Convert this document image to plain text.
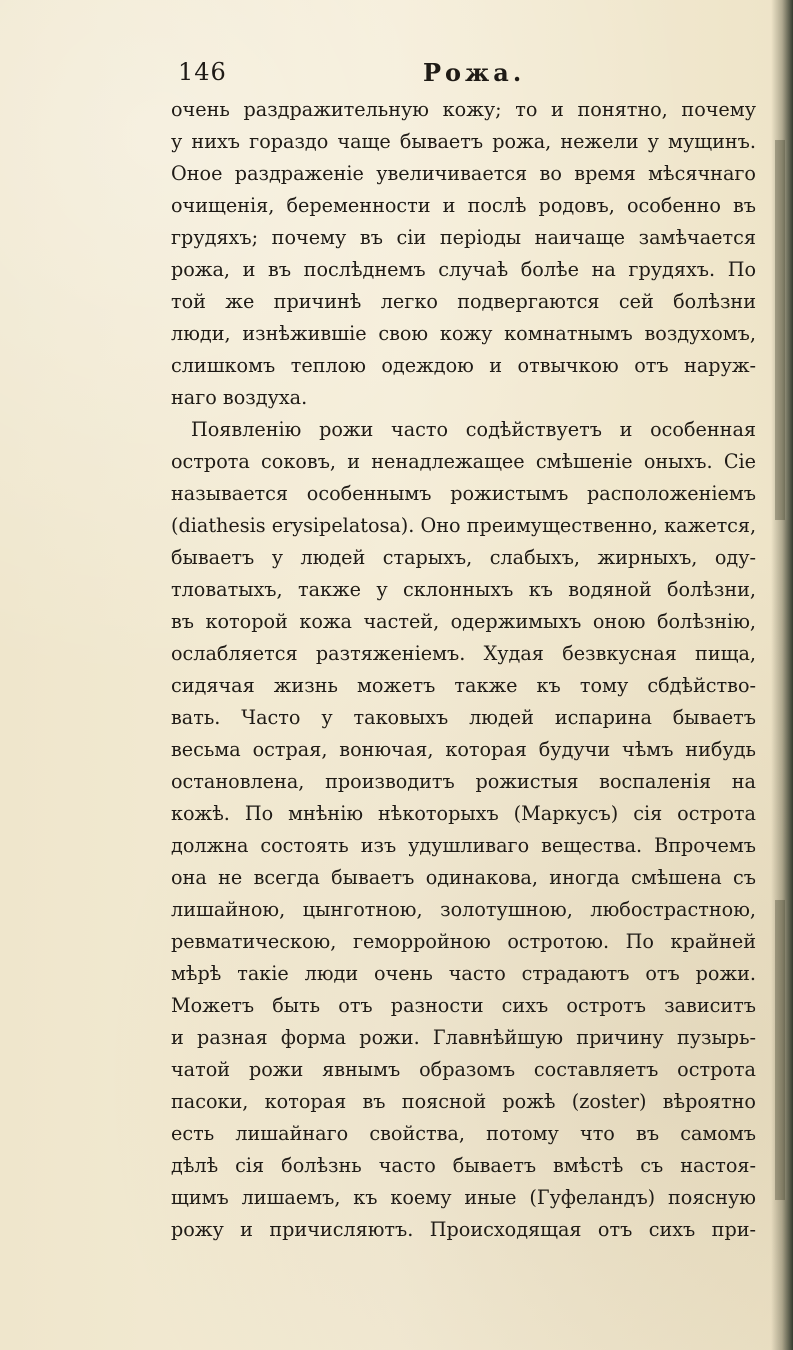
146	Рожа.
очень раздражительную кожу; то и понятно, почему
у нихъ гораздо чаще бываетъ рожа, нежели у мущинъ.
Оное раздраженіе увеличивается во время мѣсячнаго
очищенія, беременности и послѣ родовъ, особенно въ
грудяхъ; почему въ сіи періоды наичаще замѣчается
рожа, и въ послѣднемъ случаѣ болѣе на грудяхъ. По
той же причинѣ легко подвергаются сей болѣзни
люди, изнѣжившіе свою кожу комнатнымъ воздухомъ,
слишкомъ теплою одеждою и отвычкою отъ наруж-
наго воздуха.
Появленію рожи часто содѣйствуетъ и особенная
острота соковъ, и ненадлежащее смѣшеніе оныхъ. Сіе
называется особеннымъ рожистымъ расположеніемъ
(diathesis erysipelatosa). Оно преимущественно, кажется,
бываетъ у людей старыхъ, слабыхъ, жирныхъ, оду-
тловатыхъ, также у склонныхъ къ водяной болѣзни,
въ которой кожа частей, одержимыхъ оною болѣзнію,
ослабляется разтяженіемъ. Худая безвкусная пища,
сидячая жизнь можетъ также къ тому сбдѣйство-
вать. Часто у таковыхъ людей испарина бываетъ
весьма острая, вонючая, которая будучи чѣмъ нибудь
остановлена, производитъ рожистыя воспаленія на
кожѣ. По мнѣнію нѣкоторыхъ (Маркусъ) сія острота
должна состоять изъ удушливаго вещества. Впрочемъ
она не всегда бываетъ одинакова, иногда смѣшена съ
лишайною, цынготною, золотушною, любострастною,
ревматическою, геморройною остротою. По крайней
мѣрѣ такіе люди очень часто страдаютъ отъ рожи.
Можетъ быть отъ разности сихъ остротъ зависитъ
и разная форма рожи. Главнѣйшую причину пузырь-
чатой рожи явнымъ образомъ составляетъ острота
пасоки, которая въ поясной рожѣ (zoster) вѣроятно
есть лишайнаго свойства, потому что въ самомъ
дѣлѣ сія болѣзнь часто бываетъ вмѣстѣ съ настоя-
щимъ лишаемъ, къ коему иные (Гуфеландъ) поясную
рожу и причисляютъ. Происходящая отъ сихъ при-
